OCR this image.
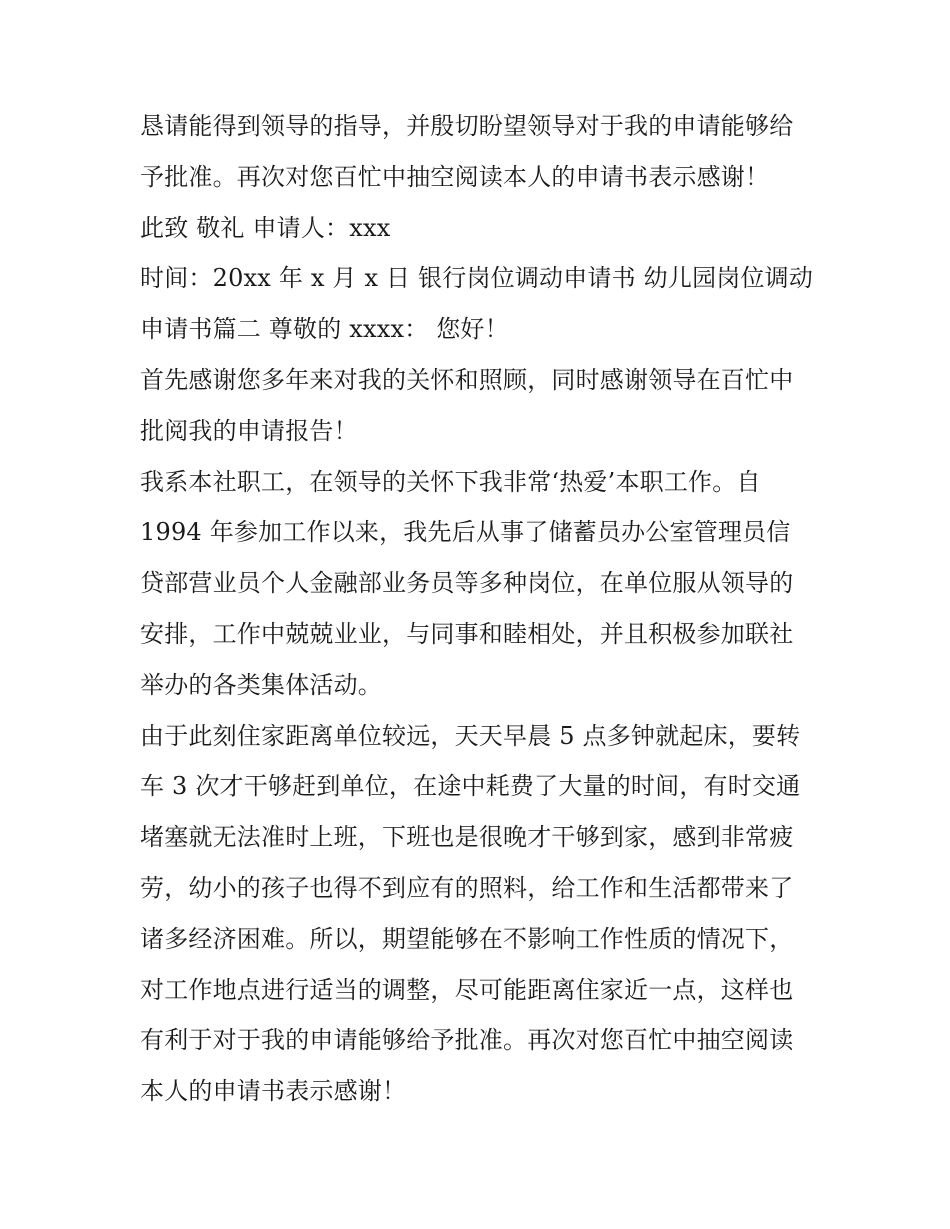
恳请能得到领导的指导，并殷切盼望领导对于我的申请能够给
予批准。再次对您百忙中抽空阅读本人的申请书表示感谢！
此致 敬礼 申请人：xxx
时间：20xx 年 x 月 x 日 银行岗位调动申请书 幼儿园岗位调动
申请书篇二 尊敬的 xxxx： 您好！
首先感谢您多年来对我的关怀和照顾，同时感谢领导在百忙中
批阅我的申请报告！
我系本社职工，在领导的关怀下我非常‘热爱’本职工作。自
1994 年参加工作以来，我先后从事了储蓄员办公室管理员信
贷部营业员个人金融部业务员等多种岗位，在单位服从领导的
安排，工作中兢兢业业，与同事和睦相处，并且积极参加联社
举办的各类集体活动。
由于此刻住家距离单位较远，天天早晨 5 点多钟就起床，要转
车 3 次才干够赶到单位，在途中耗费了大量的时间，有时交通
堵塞就无法准时上班，下班也是很晚才干够到家，感到非常疲
劳，幼小的孩子也得不到应有的照料，给工作和生活都带来了
诸多经济困难。所以，期望能够在不影响工作性质的情况下，
对工作地点进行适当的调整，尽可能距离住家近一点，这样也
有利于对于我的申请能够给予批准。再次对您百忙中抽空阅读
本人的申请书表示感谢！
